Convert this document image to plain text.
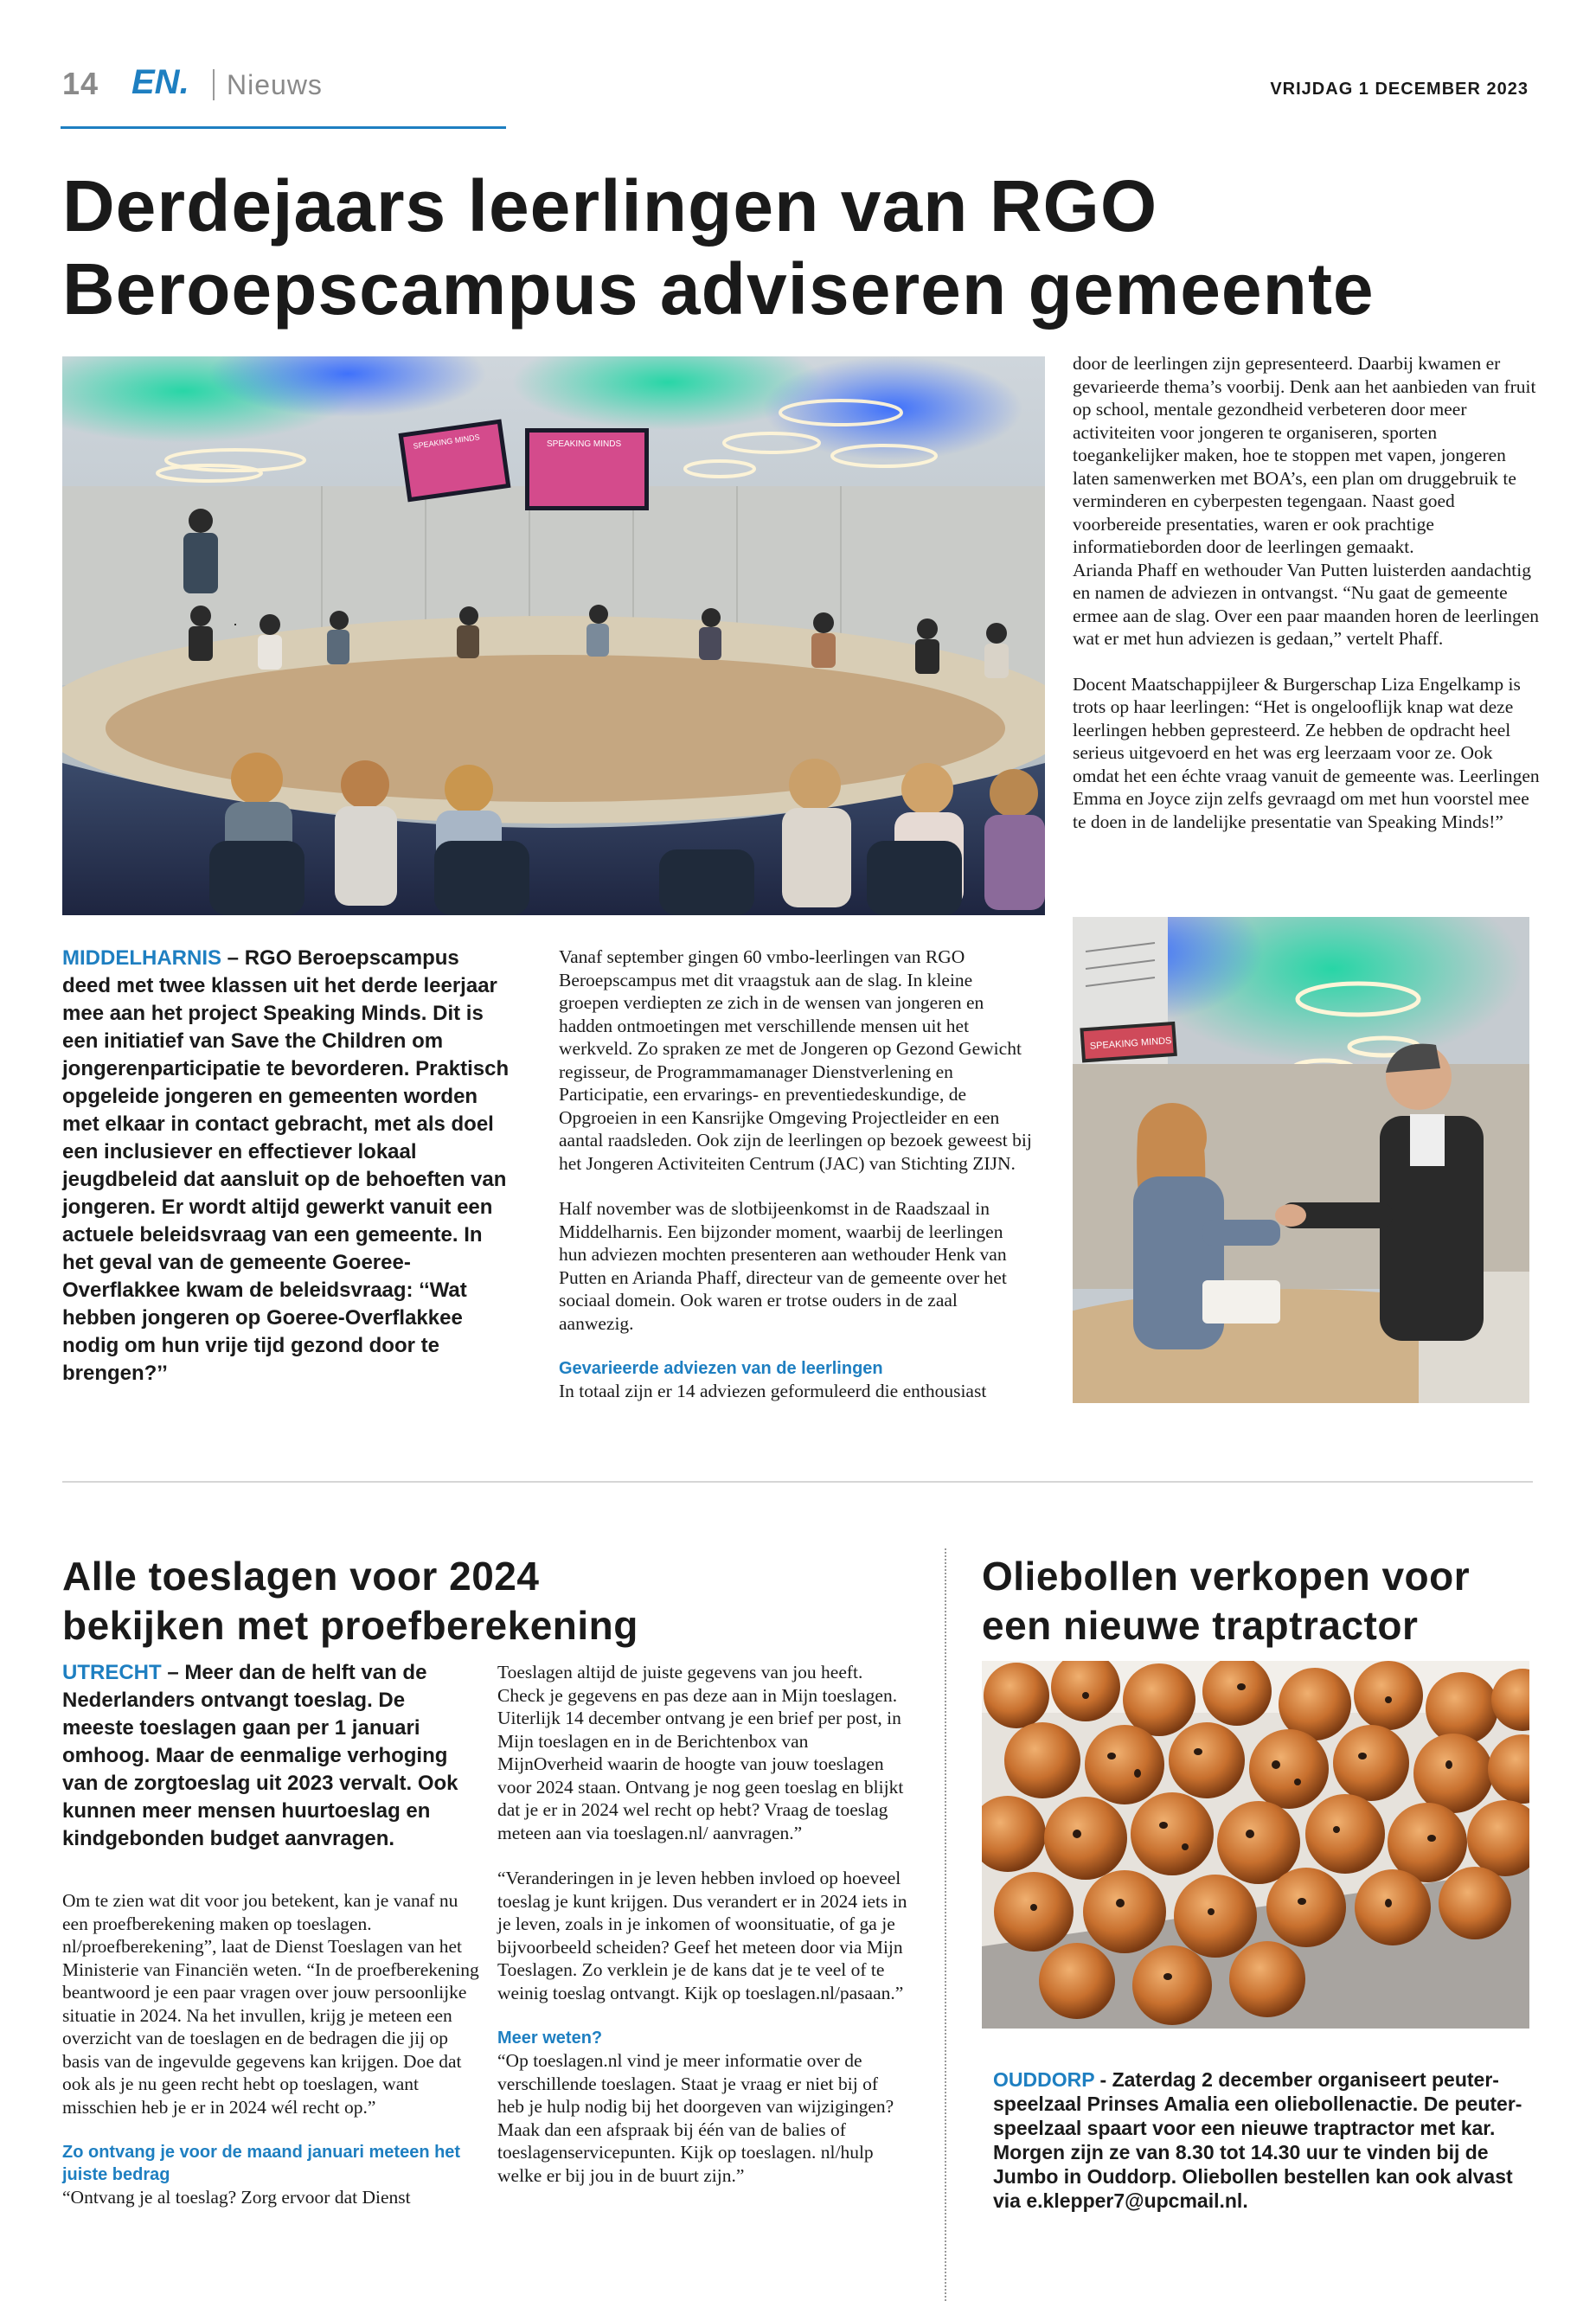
14 EN. Nieuws	VRIJDAG 1 DECEMBER 2023
Derdejaars leerlingen van RGO
Beroepscampus adviseren gemeente
SPEAKING MINDS	SPEAKING MINDS
MIDDELHARNIS – RGO Beroepscampus deed met twee klassen uit het derde leerjaar mee aan het project Speaking Minds. Dit is een initiatief van Save the Children om jongerenparticipatie te bevorderen. Praktisch opgeleide jongeren en gemeenten worden met elkaar in contact gebracht, met als doel een inclusiever en effectiever lokaal jeugdbeleid dat aansluit op de behoeften van jongeren. Er wordt altijd gewerkt vanuit een actuele beleidsvraag van een gemeente. In het geval van de gemeente Goeree-Overflakkee kwam de beleidsvraag: ‘‘Wat hebben jongeren op Goeree-Overflakkee nodig om hun vrije tijd gezond door te brengen?’’

Vanaf september gingen 60 vmbo-leerlingen van RGO Beroepscampus met dit vraagstuk aan de slag. In kleine groepen verdiepten ze zich in de wensen van jongeren en hadden ontmoetingen met verschillende mensen uit het werkveld. Zo spraken ze met de Jongeren op Gezond Gewicht regisseur, de Programmamanager Dienstverlening en Participatie, een ervarings- en preventiedeskundige, de Opgroeien in een Kansrijke Omgeving Projectleider en een aantal raadsleden. Ook zijn de leerlingen op bezoek geweest bij het Jongeren Activiteiten Centrum (JAC) van Stichting ZIJN.

Half november was de slotbijeenkomst in de Raadszaal in Middelharnis. Een bijzonder moment, waarbij de leerlingen hun adviezen mochten presenteren aan wethouder Henk van Putten en Arianda Phaff, directeur van de gemeente over het sociaal domein. Ook waren er trotse ouders in de zaal aanwezig.

Gevarieerde adviezen van de leerlingen

In totaal zijn er 14 adviezen geformuleerd die enthousiast

door de leerlingen zijn gepresenteerd. Daarbij kwamen er gevarieerde thema’s voorbij. Denk aan het aanbieden van fruit op school, mentale gezondheid verbeteren door meer activiteiten voor jongeren te organiseren, sporten toegankelijker maken, hoe te stoppen met vapen, jongeren laten samenwerken met BOA’s, een plan om druggebruik te verminderen en cyberpesten tegengaan. Naast goed voorbereide presentaties, waren er ook prachtige informatieborden door de leerlingen gemaakt.

Arianda Phaff en wethouder Van Putten luisterden aandachtig en namen de adviezen in ontvangst. “Nu gaat de gemeente ermee aan de slag. Over een paar maanden horen de leerlingen wat er met hun adviezen is gedaan,” vertelt Phaff.

Docent Maatschappijleer & Burgerschap Liza Engelkamp is trots op haar leerlingen: “Het is ongelooflijk knap wat deze leerlingen hebben gepresteerd. Ze hebben de opdracht heel serieus uitgevoerd en het was erg leerzaam voor ze. Ook omdat het een échte vraag vanuit de gemeente was. Leerlingen Emma en Joyce zijn zelfs gevraagd om met hun voorstel mee te doen in de landelijke presentatie van Speaking Minds!”

SPEAKING MINDS
Alle toeslagen voor 2024
bekijken met proefberekening
UTRECHT – Meer dan de helft van de Nederlanders ontvangt toeslag. De meeste toeslagen gaan per 1 januari omhoog. Maar de eenmalige verhoging van de zorgtoeslag uit 2023 vervalt. Ook kunnen meer mensen huurtoeslag en kindgebonden budget aanvragen.

Om te zien wat dit voor jou betekent, kan je vanaf nu een proefberekening maken op toeslagen. nl/proefberekening”, laat de Dienst Toeslagen van het Ministerie van Financiën weten. “In de proefberekening beantwoord je een paar vragen over jouw persoonlijke situatie in 2024. Na het invullen, krijg je meteen een overzicht van de toeslagen en de bedragen die jij op basis van de ingevulde gegevens kan krijgen. Doe dat ook als je nu geen recht hebt op toeslagen, want misschien heb je er in 2024 wél recht op.”

Zo ontvang je voor de maand januari meteen het juiste bedrag

“Ontvang je al toeslag? Zorg ervoor dat Dienst

Toeslagen altijd de juiste gegevens van jou heeft. Check je gegevens en pas deze aan in Mijn toeslagen. Uiterlijk 14 december ontvang je een brief per post, in Mijn toeslagen en in de Berichtenbox van MijnOverheid waarin de hoogte van jouw toeslagen voor 2024 staan. Ontvang je nog geen toeslag en blijkt dat je er in 2024 wel recht op hebt? Vraag de toeslag meteen aan via toeslagen.nl/ aanvragen.”

“Veranderingen in je leven hebben invloed op hoeveel toeslag je kunt krijgen. Dus verandert er in 2024 iets in je leven, zoals in je inkomen of woonsituatie, of ga je bijvoorbeeld scheiden? Geef het meteen door via Mijn Toeslagen. Zo verklein je de kans dat je te veel of te weinig toeslag ontvangt. Kijk op toeslagen.nl/pasaan.”

Meer weten?

“Op toeslagen.nl vind je meer informatie over de verschillende toeslagen. Staat je vraag er niet bij of heb je hulp nodig bij het doorgeven van wijzigingen? Maak dan een afspraak bij één van de balies of toeslagenservicepunten. Kijk op toeslagen. nl/hulp welke er bij jou in de buurt zijn.”

Oliebollen verkopen voor
een nieuwe traptractor
OUDDORP - Zaterdag 2 december organiseert peuter-speelzaal Prinses Amalia een oliebollenactie. De peuter-speelzaal spaart voor een nieuwe traptractor met kar. Morgen zijn ze van 8.30 tot 14.30 uur te vinden bij de Jumbo in Ouddorp. Oliebollen bestellen kan ook alvast via e.klepper7@upcmail.nl.
